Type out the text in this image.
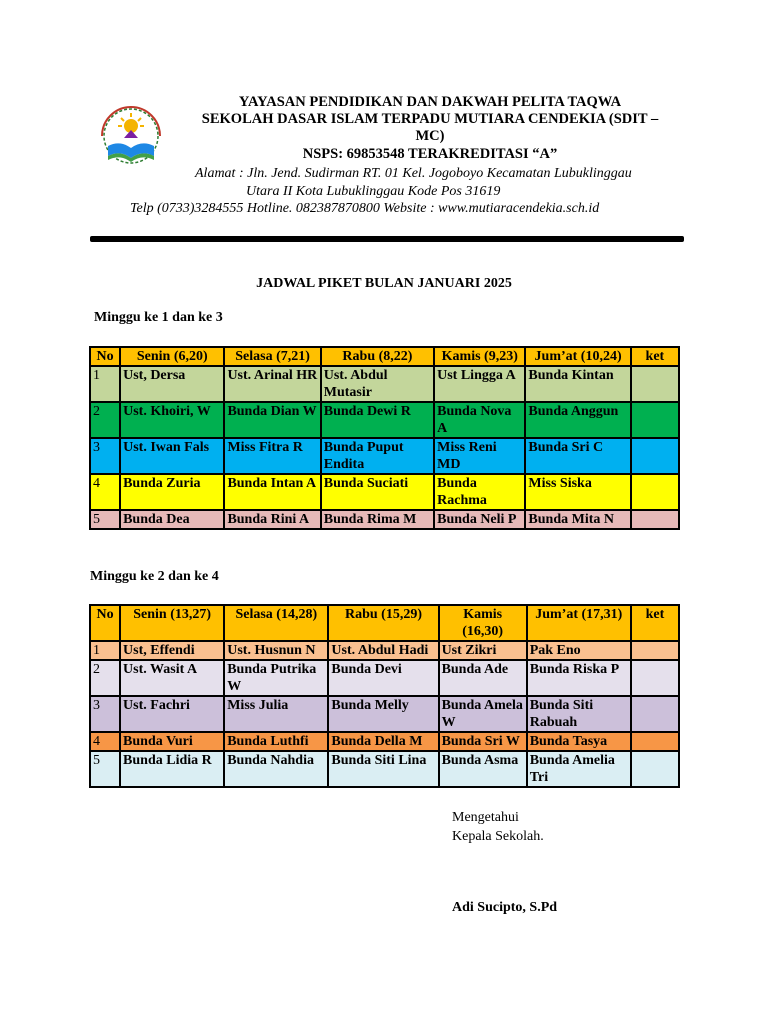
YAYASAN PENDIDIKAN DAN DAKWAH PELITA TAQWA
SEKOLAH DASAR ISLAM TERPADU MUTIARA CENDEKIA (SDIT –
MC)
NSPS: 69853548 TERAKREDITASI “A”
Alamat : Jln. Jend. Sudirman RT. 01 Kel. Jogoboyo Kecamatan Lubuklinggau
Utara II Kota Lubuklinggau Kode Pos 31619
Telp (0733)3284555 Hotline. 082387870800 Website : www.mutiaracendekia.sch.id
JADWAL PIKET BULAN JANUARI 2025
Minggu ke 1 dan ke 3
No	Senin (6,20)	Selasa (7,21)	Rabu (8,22)	Kamis (9,23)	Jum’at (10,24)	ket
1	Ust, Dersa	Ust. Arinal HR	Ust. Abdul Mutasir	Ust Lingga A	Bunda Kintan	
2	Ust. Khoiri, W	Bunda Dian W	Bunda Dewi R	Bunda Nova A	Bunda Anggun	
3	Ust. Iwan Fals	Miss Fitra R	Bunda Puput Endita	Miss Reni MD	Bunda Sri C	
4	Bunda Zuria	Bunda Intan A	Bunda Suciati	Bunda Rachma	Miss Siska	
5	Bunda Dea	Bunda Rini A	Bunda Rima M	Bunda Neli P	Bunda Mita N	
Minggu ke 2 dan ke 4
No	Senin (13,27)	Selasa (14,28)	Rabu (15,29)	Kamis (16,30)	Jum’at (17,31)	ket
1	Ust, Effendi	Ust. Husnun N	Ust. Abdul Hadi	Ust Zikri	Pak Eno	
2	Ust. Wasit A	Bunda Putrika W	Bunda Devi	Bunda Ade	Bunda Riska P	
3	Ust. Fachri	Miss Julia	Bunda Melly	Bunda Amela W	Bunda Siti Rabuah	
4	Bunda Vuri	Bunda Luthfi	Bunda Della M	Bunda Sri W	Bunda Tasya	
5	Bunda Lidia R	Bunda Nahdia	Bunda Siti Lina	Bunda Asma	Bunda Amelia Tri	
Mengetahui
Kepala Sekolah.
Adi Sucipto, S.Pd
